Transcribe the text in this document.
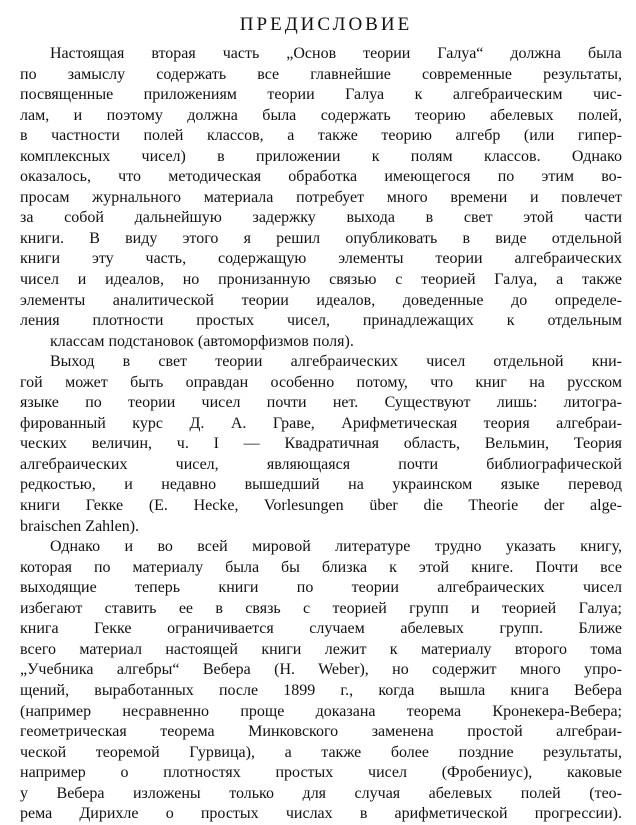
ПРЕДИСЛОВИЕ
Настоящая вторая часть „Основ теории Галуа“ должна была
по замыслу содержать все главнейшие современные результаты,
посвященные приложениям теории Галуа к алгебраическим чис-
лам, и поэтому должна была содержать теорию абелевых полей,
в частности полей классов, а также теорию алгебр (или гипер-
комплексных чисел) в приложении к полям классов. Однако
оказалось, что методическая обработка имеющегося по этим во-
просам журнального материала потребует много времени и повлечет
за собой дальнейшую задержку выхода в свет этой части
книги. В виду этого я решил опубликовать в виде отдельной
книги эту часть, содержащую элементы теории алгебраических
чисел и идеалов, но пронизанную связью с теорией Галуа, а также
элементы аналитической теории идеалов, доведенные до определе-
ления плотности простых чисел, принадлежащих к отдельным
классам подстановок (автоморфизмов поля).
Выход в свет теории алгебраических чисел отдельной кни-
гой может быть оправдан особенно потому, что книг на русском
языке по теории чисел почти нет. Существуют лишь: литогра-
фированный курс Д. А. Граве, Арифметическая теория алгебраи-
ческих величин, ч. I — Квадратичная область, Вельмин, Теория
алгебраических чисел, являющаяся почти библиографической
редкостью, и недавно вышедший на украинском языке перевод
книги Гекке (E. Hecke, Vorlesungen über die Theorie der alge-
braischen Zahlen).
Однако и во всей мировой литературе трудно указать книгу,
которая по материалу была бы близка к этой книге. Почти все
выходящие теперь книги по теории алгебраических чисел
избегают ставить ее в связь с теорией групп и теорией Галуа;
книга Гекке ограничивается случаем абелевых групп. Ближе
всего материал настоящей книги лежит к материалу второго тома
„Учебника алгебры“ Вебера (H. Weber), но содержит много упро-
щений, выработанных после 1899 г., когда вышла книга Вебера
(например несравненно проще доказана теорема Кронекера-Вебера;
геометрическая теорема Минковского заменена простой алгебраи-
ческой теоремой Гурвица), а также более поздние результаты,
например о плотностях простых чисел (Фробениус), каковые
у Вебера изложены только для случая абелевых полей (тео-
рема Дирихле о простых числах в арифметической прогрессии).
